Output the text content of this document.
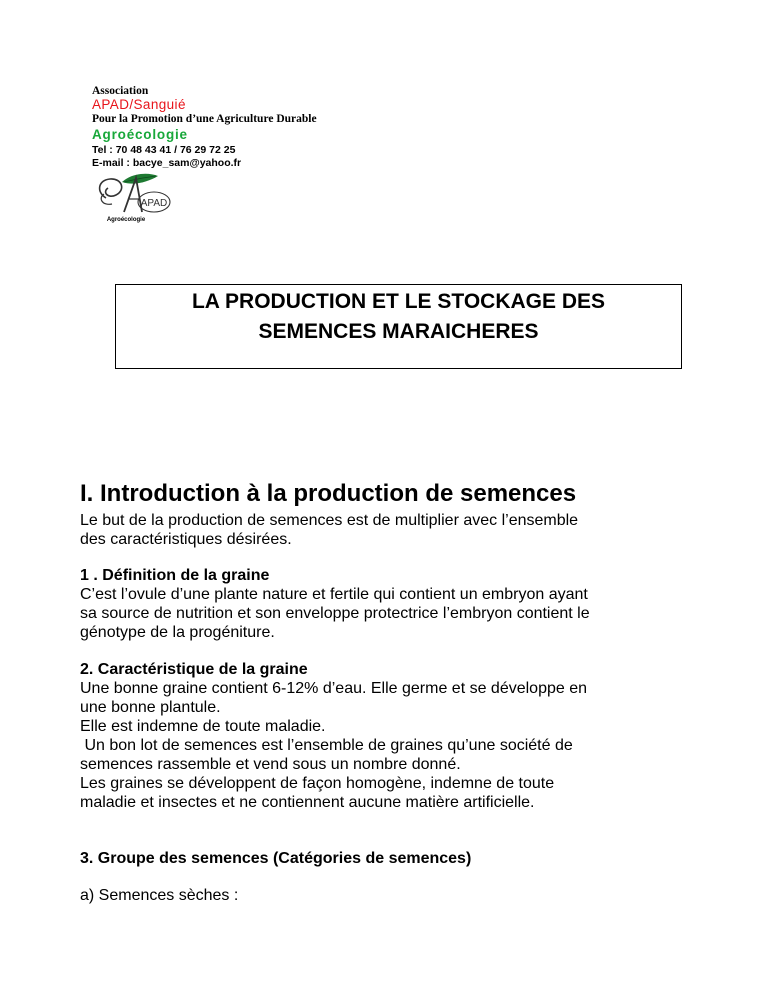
Association
APAD/Sanguié
Pour la Promotion d’une Agriculture Durable
Agroécologie
Tel : 70 48 43 41 / 76 29 72 25
E-mail : bacye_sam@yahoo.fr
APAD
Agroécologie
LA PRODUCTION ET LE STOCKAGE DES
SEMENCES MARAICHERES
I. Introduction à la production de semences
Le but de la production de semences est de multiplier avec l’ensemble
des caractéristiques désirées.
1 . Définition de la graine
C’est l’ovule d’une plante nature et fertile qui contient un embryon ayant
sa source de nutrition et son enveloppe protectrice l’embryon contient le
génotype de la progéniture.
2. Caractéristique de la graine
Une bonne graine contient 6-12% d’eau. Elle germe et se développe en
une bonne plantule.
Elle est indemne de toute maladie.
Un bon lot de semences est l’ensemble de graines qu’une société de
semences rassemble et vend sous un nombre donné.
Les graines se développent de façon homogène, indemne de toute
maladie et insectes et ne contiennent aucune matière artificielle.
3. Groupe des semences (Catégories de semences)
a) Semences sèches :
